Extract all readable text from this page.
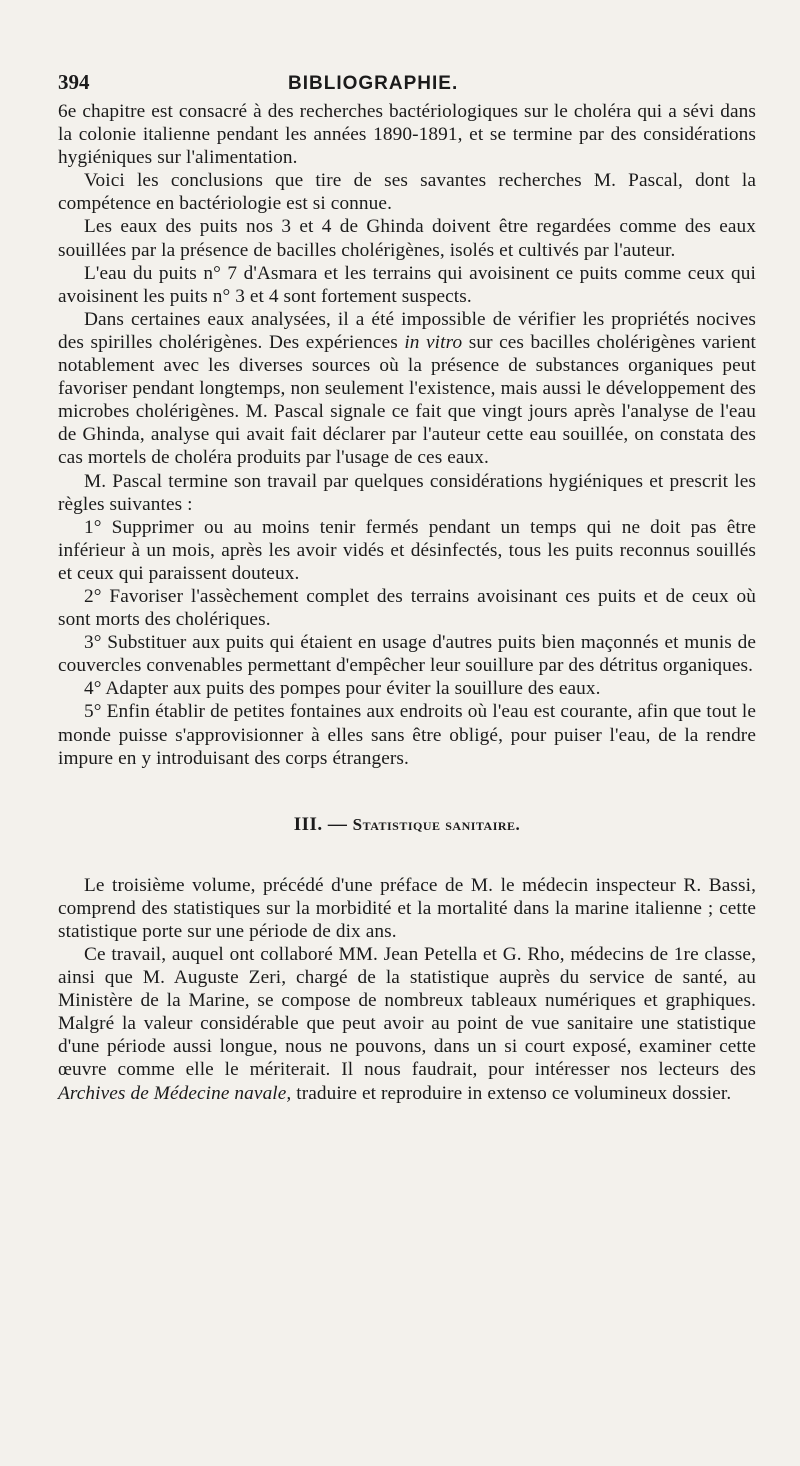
394	BIBLIOGRAPHIE.

6e chapitre est consacré à des recherches bactériologiques sur le choléra qui a sévi dans la colonie italienne pendant les années 1890-1891, et se termine par des considérations hygiéniques sur l'alimentation.

Voici les conclusions que tire de ses savantes recherches M. Pascal, dont la compétence en bactériologie est si connue.

Les eaux des puits nos 3 et 4 de Ghinda doivent être regardées comme des eaux souillées par la présence de bacilles cholérigènes, isolés et cultivés par l'auteur.

L'eau du puits n° 7 d'Asmara et les terrains qui avoisinent ce puits comme ceux qui avoisinent les puits n° 3 et 4 sont fortement suspects.

Dans certaines eaux analysées, il a été impossible de vérifier les propriétés nocives des spirilles cholérigènes. Des expériences in vitro sur ces bacilles cholérigènes varient notablement avec les diverses sources où la présence de substances organiques peut favoriser pendant longtemps, non seulement l'existence, mais aussi le développement des microbes cholérigènes. M. Pascal signale ce fait que vingt jours après l'analyse de l'eau de Ghinda, analyse qui avait fait déclarer par l'auteur cette eau souillée, on constata des cas mortels de choléra produits par l'usage de ces eaux.

M. Pascal termine son travail par quelques considérations hygiéniques et prescrit les règles suivantes :

1° Supprimer ou au moins tenir fermés pendant un temps qui ne doit pas être inférieur à un mois, après les avoir vidés et désinfectés, tous les puits reconnus souillés et ceux qui paraissent douteux.

2° Favoriser l'assèchement complet des terrains avoisinant ces puits et de ceux où sont morts des cholériques.

3° Substituer aux puits qui étaient en usage d'autres puits bien maçonnés et munis de couvercles convenables permettant d'empêcher leur souillure par des détritus organiques.

4° Adapter aux puits des pompes pour éviter la souillure des eaux.

5° Enfin établir de petites fontaines aux endroits où l'eau est courante, afin que tout le monde puisse s'approvisionner à elles sans être obligé, pour puiser l'eau, de la rendre impure en y introduisant des corps étrangers.

III. — Statistique sanitaire.

Le troisième volume, précédé d'une préface de M. le médecin inspecteur R. Bassi, comprend des statistiques sur la morbidité et la mortalité dans la marine italienne ; cette statistique porte sur une période de dix ans.

Ce travail, auquel ont collaboré MM. Jean Petella et G. Rho, médecins de 1re classe, ainsi que M. Auguste Zeri, chargé de la statistique auprès du service de santé, au Ministère de la Marine, se compose de nombreux tableaux numériques et graphiques. Malgré la valeur considérable que peut avoir au point de vue sanitaire une statistique d'une période aussi longue, nous ne pouvons, dans un si court exposé, examiner cette œuvre comme elle le mériterait. Il nous faudrait, pour intéresser nos lecteurs des Archives de Médecine navale, traduire et reproduire in extenso ce volumineux dossier.
